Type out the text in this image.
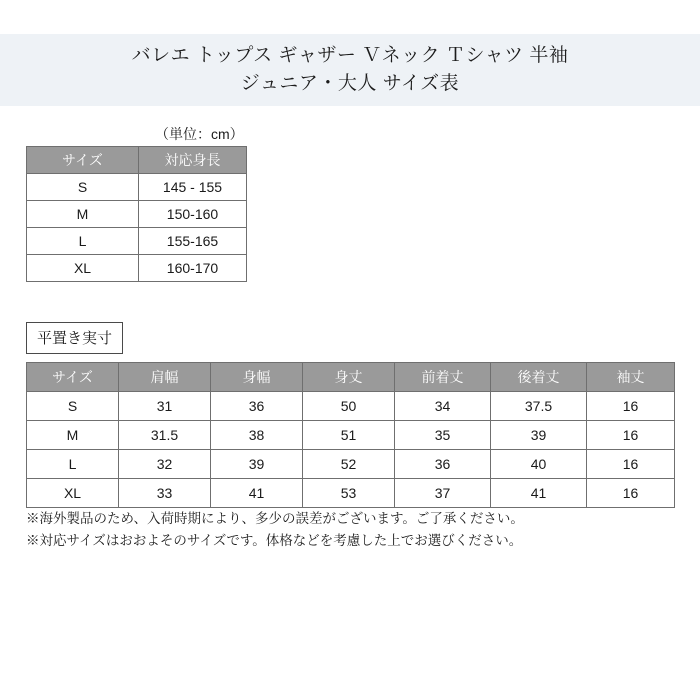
バレエ トップス ギャザー Ｖネック Ｔシャツ 半袖
ジュニア・大人 サイズ表
（単位：cm）
サイズ	対応身長
S	145 - 155
M	150-160
L	155-165
XL	160-170
平置き実寸
サイズ	肩幅	身幅	身丈	前着丈	後着丈	袖丈
S	31	36	50	34	37.5	16
M	31.5	38	51	35	39	16
L	32	39	52	36	40	16
XL	33	41	53	37	41	16
※海外製品のため、入荷時期により、多少の誤差がございます。ご了承ください。
※対応サイズはおおよそのサイズです。体格などを考慮した上でお選びください。
